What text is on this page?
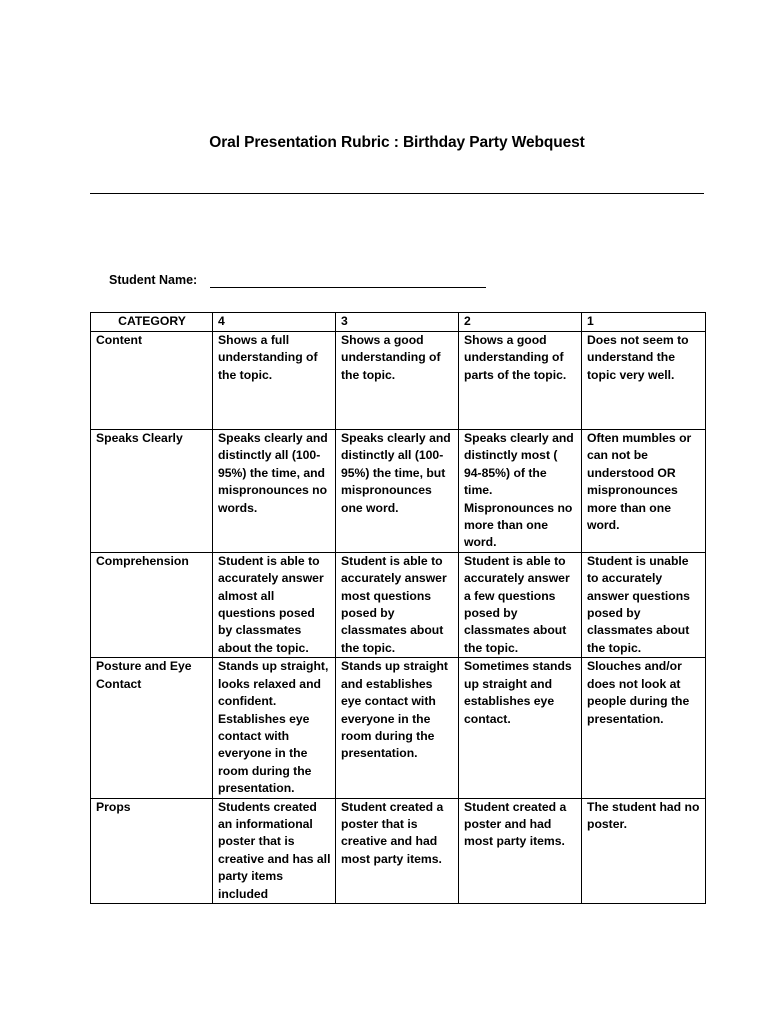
Oral Presentation Rubric : Birthday Party Webquest
Student Name:
CATEGORY	4	3	2	1
Content	Shows a full understanding of the topic.	Shows a good understanding of the topic.	Shows a good understanding of parts of the topic.	Does not seem to understand the topic very well.
Speaks Clearly	Speaks clearly and distinctly all (100-95%) the time, and mispronounces no words.	Speaks clearly and distinctly all (100-95%) the time, but mispronounces one word.	Speaks clearly and distinctly most ( 94-85%) of the time. Mispronounces no more than one word.	Often mumbles or can not be understood OR mispronounces more than one word.
Comprehension	Student is able to accurately answer almost all questions posed by classmates about the topic.	Student is able to accurately answer most questions posed by classmates about the topic.	Student is able to accurately answer a few questions posed by classmates about the topic.	Student is unable to accurately answer questions posed by classmates about the topic.
Posture and Eye Contact	Stands up straight, looks relaxed and confident. Establishes eye contact with everyone in the room during the presentation.	Stands up straight and establishes eye contact with everyone in the room during the presentation.	Sometimes stands up straight and establishes eye contact.	Slouches and/or does not look at people during the presentation.
Props	Students created an informational poster that is creative and has all party items included	Student created a poster that is creative and had most party items.	Student created a poster and had most party items.	The student had no poster.
